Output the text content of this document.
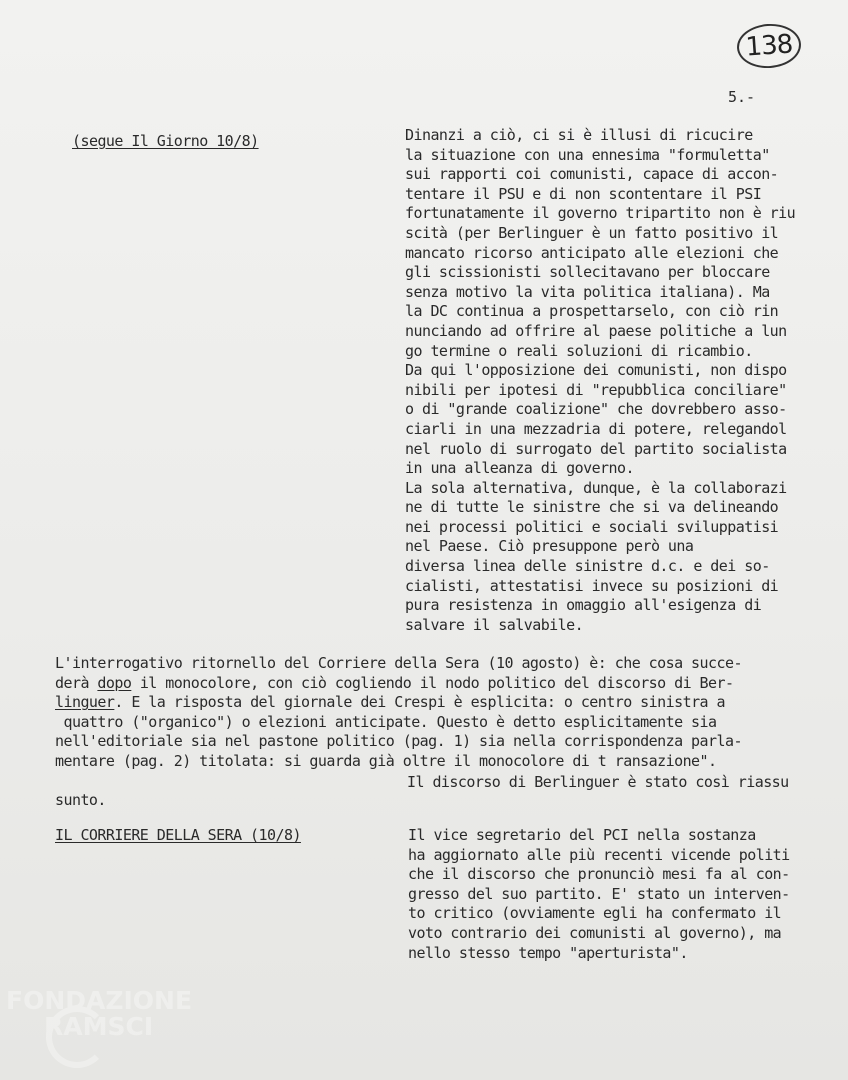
138
5.-
(segue Il Giorno 10/8)	Dinanzi a ciò, ci si è illusi di ricucire
la situazione con una ennesima "formuletta"
sui rapporti coi comunisti, capace di accon-
tentare il PSU e di non scontentare il PSI
fortunatamente il governo tripartito non è riu
scità (per Berlinguer è un fatto positivo il
mancato ricorso anticipato alle elezioni che
gli scissionisti sollecitavano per bloccare
senza motivo la vita politica italiana). Ma
la DC continua a prospettarselo, con ciò rin
nunciando ad offrire al paese politiche a lun
go termine o reali soluzioni di ricambio.
Da qui l'opposizione dei comunisti, non dispo
nibili per ipotesi di "repubblica conciliare"
o di "grande coalizione" che dovrebbero asso-
ciarli in una mezzadria di potere, relegandol
nel ruolo di surrogato del partito socialista
in una alleanza di governo.
La sola alternativa, dunque, è la collaborazi
ne di tutte le sinistre che si va delineando
nei processi politici e sociali sviluppatisi
nel Paese. Ciò presuppone però una
diversa linea delle sinistre d.c. e dei so-
cialisti, attestatisi invece su posizioni di
pura resistenza in omaggio all'esigenza di
salvare il salvabile.
L'interrogativo ritornello del Corriere della Sera (10 agosto) è: che cosa succe-
derà dopo il monocolore, con ciò cogliendo il nodo politico del discorso di Ber-
linguer. E la risposta del giornale dei Crespi è esplicita: o centro sinistra a
quattro ("organico") o elezioni anticipate. Questo è detto esplicitamente sia
nell'editoriale sia nel pastone politico (pag. 1) sia nella corrispondenza parla-
mentare (pag. 2) titolata: si guarda già oltre il monocolore di t ransazione".
Il discorso di Berlinguer è stato così riassu
sunto.
IL CORRIERE DELLA SERA (10/8)	Il vice segretario del PCI nella sostanza
ha aggiornato alle più recenti vicende politi
che il discorso che pronunciò mesi fa al con-
gresso del suo partito. E' stato un interven-
to critico (ovviamente egli ha confermato il
voto contrario dei comunisti al governo), ma
nello stesso tempo "aperturista".
FONDAZIONE
RAMSCI
